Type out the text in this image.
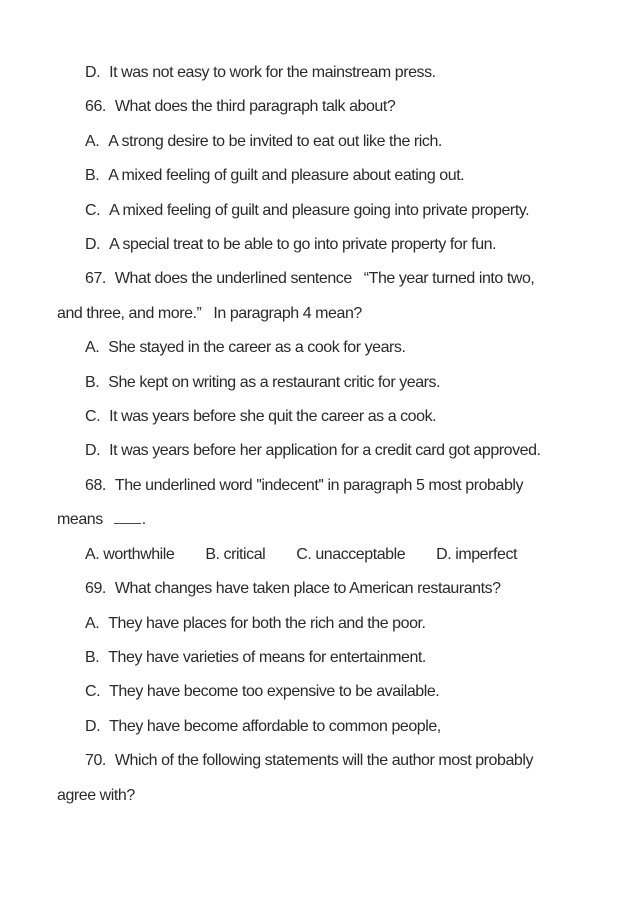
D. It was not easy to work for the mainstream press.
66. What does the third paragraph talk about?
A. A strong desire to be invited to eat out like the rich.
B. A mixed feeling of guilt and pleasure about eating out.
C. A mixed feeling of guilt and pleasure going into private property.
D. A special treat to be able to go into private property for fun.
67. What does the underlined sentence   “The year turned into two,
and three, and more.”   In paragraph 4 mean?
A. She stayed in the career as a cook for years.
B. She kept on writing as a restaurant critic for years.
C. It was years before she quit the career as a cook.
D. It was years before her application for a credit card got approved.
68. The underlined word ''indecent'' in paragraph 5 most probably
means .
A. worthwhile B. critical C. unacceptable D. imperfect
69. What changes have taken place to American restaurants?
A. They have places for both the rich and the poor.
B. They have varieties of means for entertainment.
C. They have become too expensive to be available.
D. They have become affordable to common people,
70. Which of the following statements will the author most probably
agree with?
